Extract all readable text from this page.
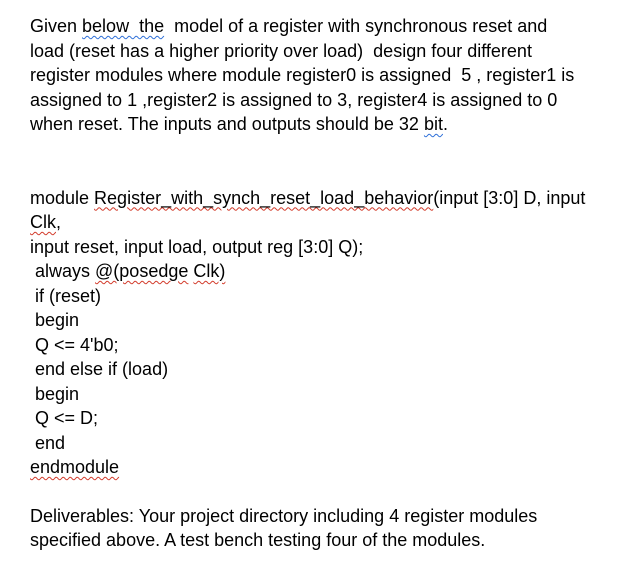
Given below  the  model of a register with synchronous reset and
load (reset has a higher priority over load)  design four different
register modules where module register0 is assigned  5 , register1 is
assigned to 1 ,register2 is assigned to 3, register4 is assigned to 0
when reset. The inputs and outputs should be 32 bit.
module Register_with_synch_reset_load_behavior(input [3:0] D, input
Clk,
input reset, input load, output reg [3:0] Q);
always @(posedge Clk)
if (reset)
begin
Q <= 4'b0;
end else if (load)
begin
Q <= D;
end
endmodule
Deliverables: Your project directory including 4 register modules
specified above. A test bench testing four of the modules.
